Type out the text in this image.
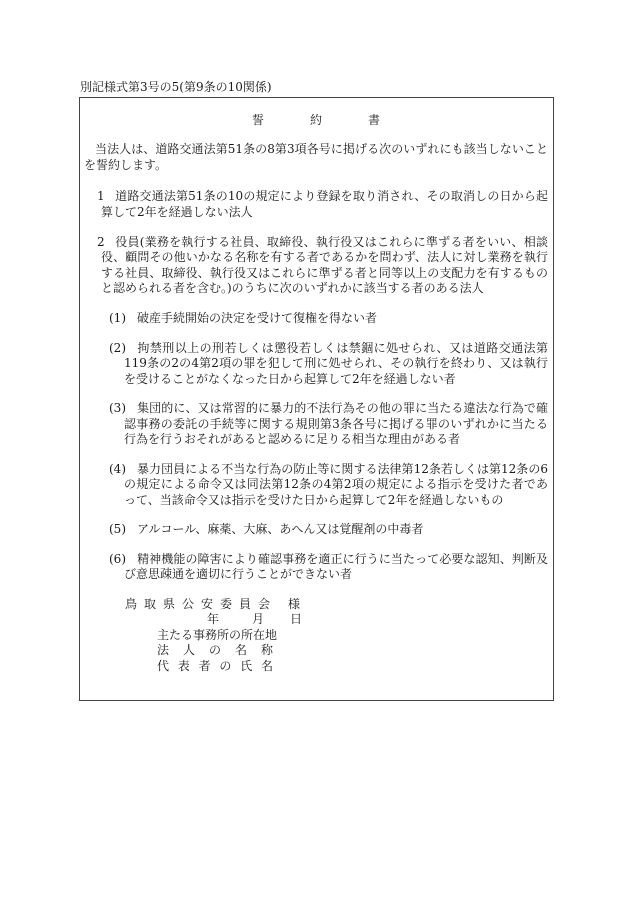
別記様式第3号の5(第9条の10関係)
誓 約 書

当法人は、道路交通法第51条の8第3項各号に掲げる次のいずれにも該当しないことを誓約します。

1 道路交通法第51条の10の規定により登録を取り消され、その取消しの日から起算して2年を経過しない法人

2 役員(業務を執行する社員、取締役、執行役又はこれらに準ずる者をいい、相談役、顧問その他いかなる名称を有する者であるかを問わず、法人に対し業務を執行する社員、取締役、執行役又はこれらに準ずる者と同等以上の支配力を有するものと認められる者を含む。)のうちに次のいずれかに該当する者のある法人

(1) 破産手続開始の決定を受けて復権を得ない者

(2) 拘禁刑以上の刑若しくは懲役若しくは禁錮に処せられ、又は道路交通法第119条の2の4第2項の罪を犯して刑に処せられ、その執行を終わり、又は執行を受けることがなくなった日から起算して2年を経過しない者

(3) 集団的に、又は常習的に暴力的不法行為その他の罪に当たる違法な行為で確認事務の委託の手続等に関する規則第3条各号に掲げる罪のいずれかに当たる行為を行うおそれがあると認めるに足りる相当な理由がある者

(4) 暴力団員による不当な行為の防止等に関する法律第12条若しくは第12条の6の規定による命令又は同法第12条の4第2項の規定による指示を受けた者であって、当該命令又は指示を受けた日から起算して2年を経過しないもの

(5) アルコール、麻薬、大麻、あへん又は覚醒剤の中毒者

(6) 精神機能の障害により確認事務を適正に行うに当たって必要な認知、判断及び意思疎通を適切に行うことができない者

鳥 取 県 公 安 委 員 会 様
年	月 日
主たる事務所の所在地
法 人 の 名 称
代 表 者 の 氏 名
